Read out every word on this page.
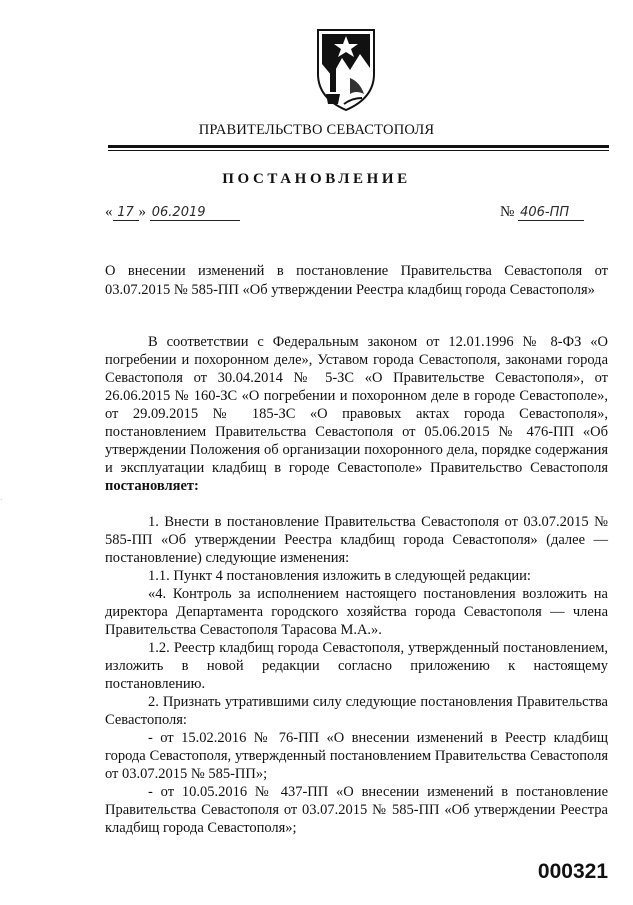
ПРАВИТЕЛЬСТВО СЕВАСТОПОЛЯ
ПОСТАНОВЛЕНИЕ
« 17 » 06.2019	№ 406-ПП
·
О внесении изменений в постановление Правительства Севастополя от 03.07.2015 № 585-ПП «Об утверждении Реестра кладбищ города Севастополя»

В соответствии с Федеральным законом от 12.01.1996 № 8-ФЗ «О погребении и похоронном деле», Уставом города Севастополя, законами города Севастополя от 30.04.2014 № 5-ЗС «О Правительстве Севастополя», от 26.06.2015 № 160-ЗС «О погребении и похоронном деле в городе Севастополе», от 29.09.2015 № 185-ЗС «О правовых актах города Севастополя», постановлением Правительства Севастополя от 05.06.2015 № 476-ПП «Об утверждении Положения об организации похоронного дела, порядке содержания и эксплуатации кладбищ в городе Севастополе» Правительство Севастополя постановляет:

1. Внести в постановление Правительства Севастополя от 03.07.2015 № 585-ПП «Об утверждении Реестра кладбищ города Севастополя» (далее — постановление) следующие изменения:

1.1. Пункт 4 постановления изложить в следующей редакции:

«4. Контроль за исполнением настоящего постановления возложить на директора Департамента городского хозяйства города Севастополя — члена Правительства Севастополя Тарасова М.А.».

1.2. Реестр кладбищ города Севастополя, утвержденный постановлением, изложить в новой редакции согласно приложению к настоящему постановлению.

2. Признать утратившими силу следующие постановления Правительства Севастополя:

- от 15.02.2016 № 76-ПП «О внесении изменений в Реестр кладбищ города Севастополя, утвержденный постановлением Правительства Севастополя от 03.07.2015 № 585-ПП»;

- от 10.05.2016 № 437-ПП «О внесении изменений в постановление Правительства Севастополя от 03.07.2015 № 585-ПП «Об утверждении Реестра кладбищ города Севастополя»;

000321
